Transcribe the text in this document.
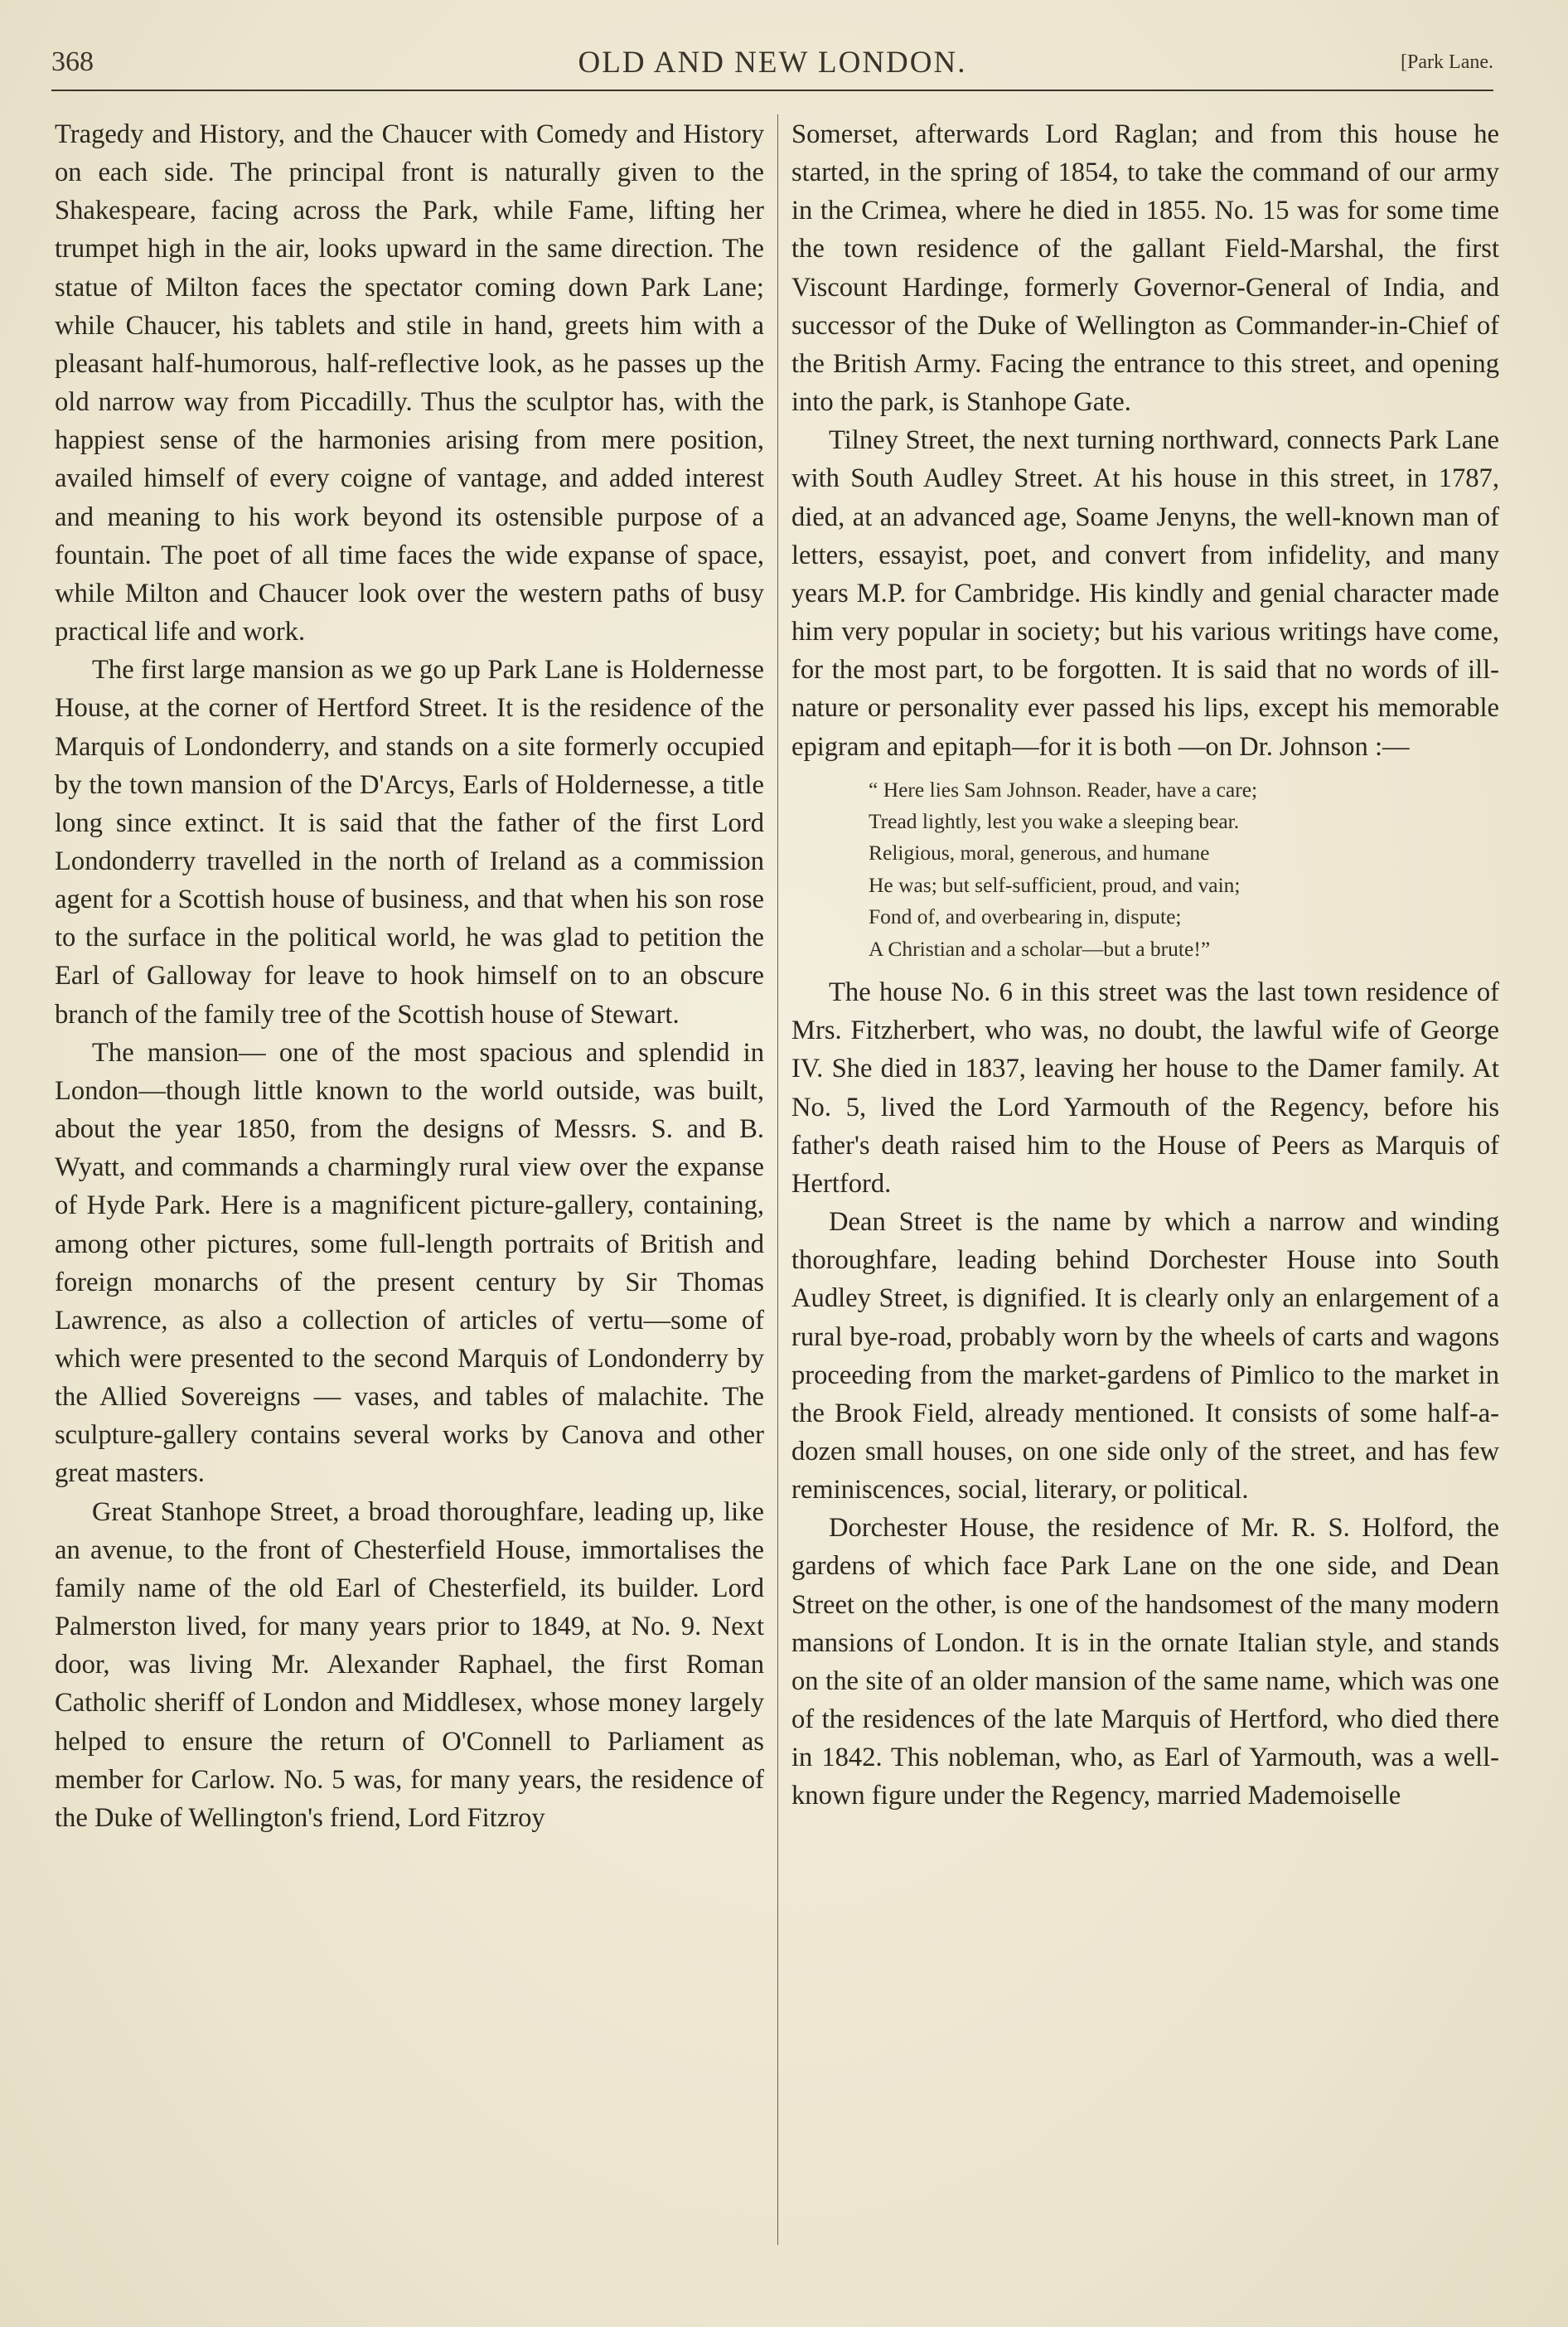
368	OLD AND NEW LONDON.	[Park Lane.

Tragedy and History, and the Chaucer with Comedy and History on each side. The principal front is naturally given to the Shakespeare, facing across the Park, while Fame, lifting her trumpet high in the air, looks upward in the same direction. The statue of Milton faces the spectator coming down Park Lane; while Chaucer, his tablets and stile in hand, greets him with a pleasant half-humorous, half-reflective look, as he passes up the old narrow way from Piccadilly. Thus the sculptor has, with the happiest sense of the harmonies arising from mere position, availed himself of every coigne of vantage, and added interest and meaning to his work beyond its ostensible purpose of a fountain. The poet of all time faces the wide expanse of space, while Milton and Chaucer look over the western paths of busy practical life and work.

The first large mansion as we go up Park Lane is Holdernesse House, at the corner of Hertford Street. It is the residence of the Marquis of Londonderry, and stands on a site formerly occupied by the town mansion of the D'Arcys, Earls of Holdernesse, a title long since extinct. It is said that the father of the first Lord Londonderry travelled in the north of Ireland as a commission agent for a Scottish house of business, and that when his son rose to the surface in the political world, he was glad to petition the Earl of Galloway for leave to hook himself on to an obscure branch of the family tree of the Scottish house of Stewart.

The mansion— one of the most spacious and splendid in London—though little known to the world outside, was built, about the year 1850, from the designs of Messrs. S. and B. Wyatt, and commands a charmingly rural view over the expanse of Hyde Park. Here is a magnificent picture-gallery, containing, among other pictures, some full-length portraits of British and foreign monarchs of the present century by Sir Thomas Lawrence, as also a collection of articles of vertu—some of which were presented to the second Marquis of Londonderry by the Allied Sovereigns — vases, and tables of malachite. The sculpture-gallery contains several works by Canova and other great masters.

Great Stanhope Street, a broad thoroughfare, leading up, like an avenue, to the front of Chesterfield House, immortalises the family name of the old Earl of Chesterfield, its builder. Lord Palmerston lived, for many years prior to 1849, at No. 9. Next door, was living Mr. Alexander Raphael, the first Roman Catholic sheriff of London and Middlesex, whose money largely helped to ensure the return of O'Connell to Parliament as member for Carlow. No. 5 was, for many years, the residence of the Duke of Wellington's friend, Lord Fitzroy

Somerset, afterwards Lord Raglan; and from this house he started, in the spring of 1854, to take the command of our army in the Crimea, where he died in 1855. No. 15 was for some time the town residence of the gallant Field-Marshal, the first Viscount Hardinge, formerly Governor-General of India, and successor of the Duke of Wellington as Commander-in-Chief of the British Army. Facing the entrance to this street, and opening into the park, is Stanhope Gate.

Tilney Street, the next turning northward, connects Park Lane with South Audley Street. At his house in this street, in 1787, died, at an advanced age, Soame Jenyns, the well-known man of letters, essayist, poet, and convert from infidelity, and many years M.P. for Cambridge. His kindly and genial character made him very popular in society; but his various writings have come, for the most part, to be forgotten. It is said that no words of ill-nature or personality ever passed his lips, except his memorable epigram and epitaph—for it is both —on Dr. Johnson :—

“ Here lies Sam Johnson. Reader, have a care;
Tread lightly, lest you wake a sleeping bear.
Religious, moral, generous, and humane
He was; but self-sufficient, proud, and vain;
Fond of, and overbearing in, dispute;
A Christian and a scholar—but a brute!”

The house No. 6 in this street was the last town residence of Mrs. Fitzherbert, who was, no doubt, the lawful wife of George IV. She died in 1837, leaving her house to the Damer family. At No. 5, lived the Lord Yarmouth of the Regency, before his father's death raised him to the House of Peers as Marquis of Hertford.

Dean Street is the name by which a narrow and winding thoroughfare, leading behind Dorchester House into South Audley Street, is dignified. It is clearly only an enlargement of a rural bye-road, probably worn by the wheels of carts and wagons proceeding from the market-gardens of Pimlico to the market in the Brook Field, already mentioned. It consists of some half-a-dozen small houses, on one side only of the street, and has few reminiscences, social, literary, or political.

Dorchester House, the residence of Mr. R. S. Holford, the gardens of which face Park Lane on the one side, and Dean Street on the other, is one of the handsomest of the many modern mansions of London. It is in the ornate Italian style, and stands on the site of an older mansion of the same name, which was one of the residences of the late Marquis of Hertford, who died there in 1842. This nobleman, who, as Earl of Yarmouth, was a well-known figure under the Regency, married Mademoiselle
